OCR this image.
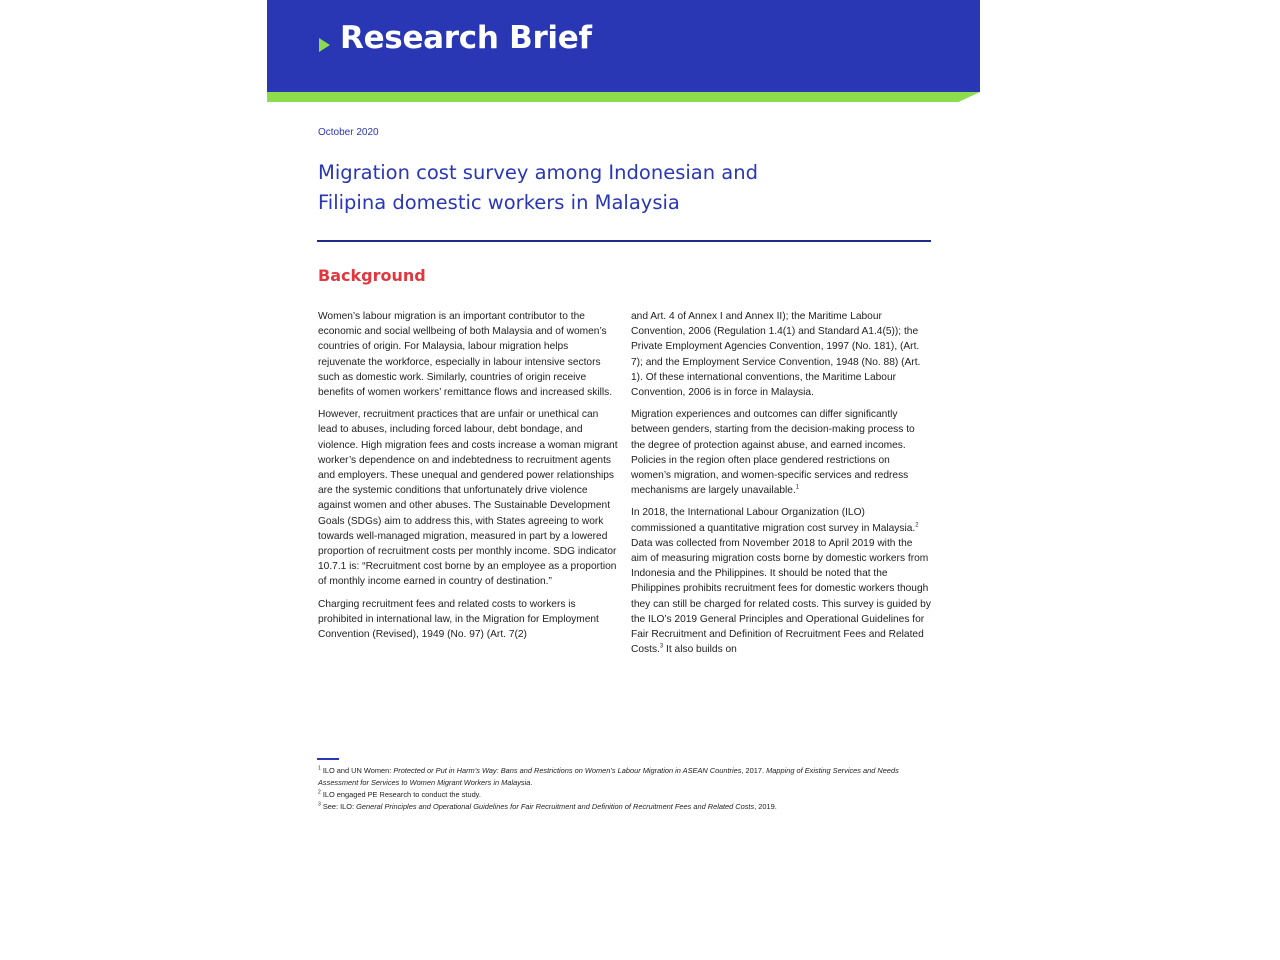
Research Brief
October 2020
Migration cost survey among Indonesian and
Filipina domestic workers in Malaysia
Background

Women’s labour migration is an important contributor to the economic and social wellbeing of both Malaysia and of women’s countries of origin. For Malaysia, labour migration helps rejuvenate the workforce, especially in labour intensive sectors such as domestic work. Similarly, countries of origin receive benefits of women workers’ remittance flows and increased skills.

However, recruitment practices that are unfair or unethical can lead to abuses, including forced labour, debt bondage, and violence. High migration fees and costs increase a woman migrant worker’s dependence on and indebtedness to recruitment agents and employers. These unequal and gendered power relationships are the systemic conditions that unfortunately drive violence against women and other abuses. The Sustainable Development Goals (SDGs) aim to address this, with States agreeing to work towards well-managed migration, measured in part by a lowered proportion of recruitment costs per monthly income. SDG indicator 10.7.1 is: “Recruitment cost borne by an employee as a proportion of monthly income earned in country of destination.”

Charging recruitment fees and related costs to workers is prohibited in international law, in the Migration for Employment Convention (Revised), 1949 (No. 97) (Art. 7(2)

and Art. 4 of Annex I and Annex II); the Maritime Labour Convention, 2006 (Regulation 1.4(1) and Standard A1.4(5)); the Private Employment Agencies Convention, 1997 (No. 181), (Art. 7); and the Employment Service Convention, 1948 (No. 88) (Art. 1). Of these international conventions, the Maritime Labour Convention, 2006 is in force in Malaysia.

Migration experiences and outcomes can differ significantly between genders, starting from the decision-making process to the degree of protection against abuse, and earned incomes. Policies in the region often place gendered restrictions on women’s migration, and women-specific services and redress mechanisms are largely unavailable.$^1$

In 2018, the International Labour Organization (ILO) commissioned a quantitative migration cost survey in Malaysia.$^2$ Data was collected from November 2018 to April 2019 with the aim of measuring migration costs borne by domestic workers from Indonesia and the Philippines. It should be noted that the Philippines prohibits recruitment fees for domestic workers though they can still be charged for related costs. This survey is guided by the ILO’s 2019 General Principles and Operational Guidelines for Fair Recruitment and Definition of Recruitment Fees and Related Costs.$^3$ It also builds on

$^1$ ILO and UN Women: Protected or Put in Harm’s Way: Bans and Restrictions on Women’s Labour Migration in ASEAN Countries, 2017. Mapping of Existing Services and Needs Assessment for Services to Women Migrant Workers in Malaysia.
$^2$ ILO engaged PE Research to conduct the study.
$^3$ See: ILO: General Principles and Operational Guidelines for Fair Recruitment and Definition of Recruitment Fees and Related Costs, 2019.
